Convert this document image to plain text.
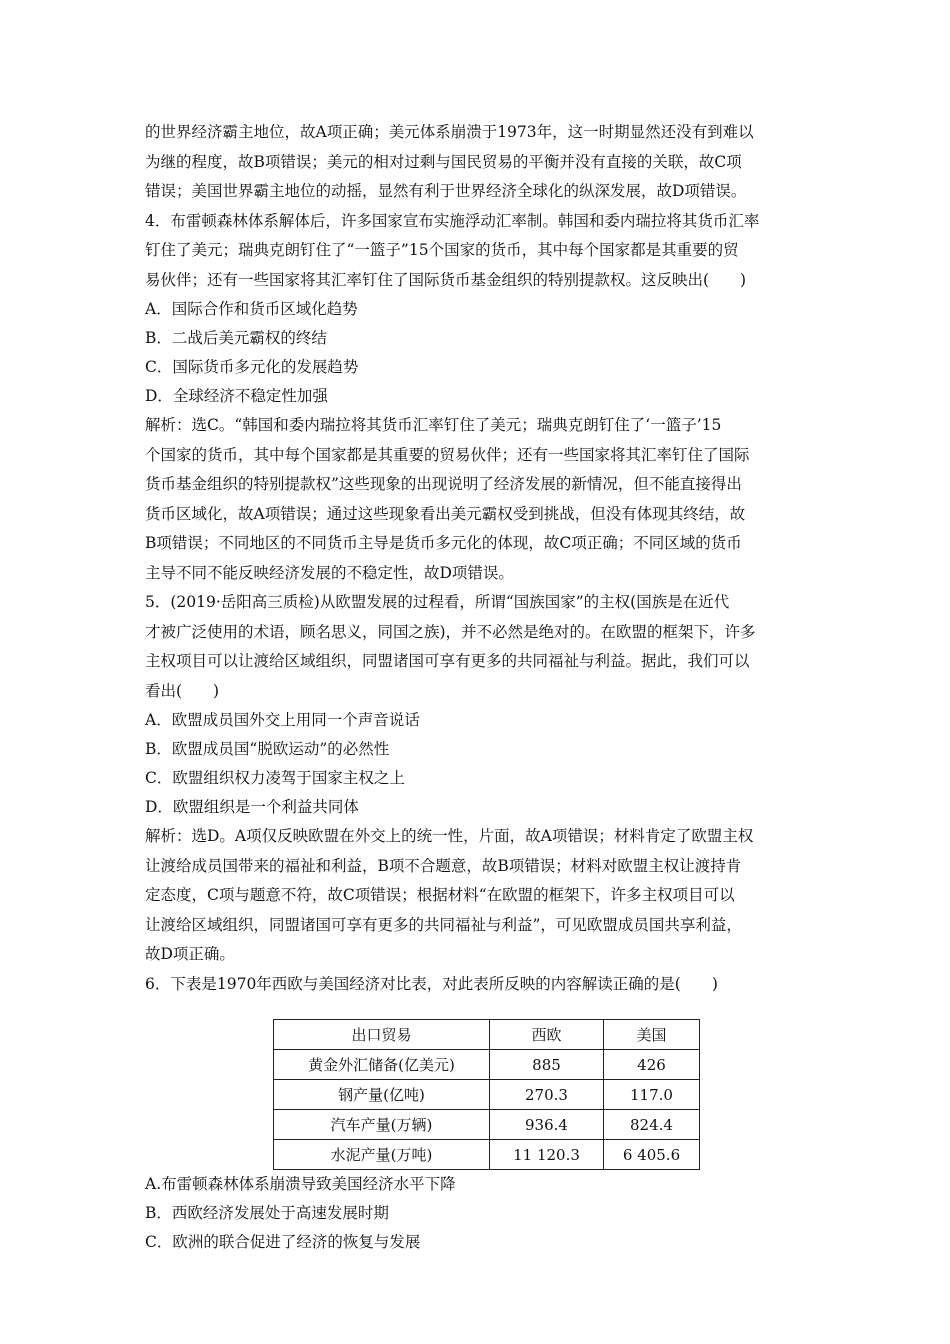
的世界经济霸主地位，故A项正确；美元体系崩溃于1973年，这一时期显然还没有到难以

为继的程度，故B项错误；美元的相对过剩与国民贸易的平衡并没有直接的关联，故C项

错误；美国世界霸主地位的动摇，显然有利于世界经济全球化的纵深发展，故D项错误。

4．布雷顿森林体系解体后，许多国家宣布实施浮动汇率制。韩国和委内瑞拉将其货币汇率

钉住了美元；瑞典克朗钉住了“一篮子”15个国家的货币，其中每个国家都是其重要的贸

易伙伴；还有一些国家将其汇率钉住了国际货币基金组织的特别提款权。这反映出(　　)

A．国际合作和货币区域化趋势

B．二战后美元霸权的终结

C．国际货币多元化的发展趋势

D．全球经济不稳定性加强

解析：选C。“韩国和委内瑞拉将其货币汇率钉住了美元；瑞典克朗钉住了‘一篮子’15

个国家的货币，其中每个国家都是其重要的贸易伙伴；还有一些国家将其汇率钉住了国际

货币基金组织的特别提款权”这些现象的出现说明了经济发展的新情况，但不能直接得出

货币区域化，故A项错误；通过这些现象看出美元霸权受到挑战，但没有体现其终结，故

B项错误；不同地区的不同货币主导是货币多元化的体现，故C项正确；不同区域的货币

主导不同不能反映经济发展的不稳定性，故D项错误。

5．(2019·岳阳高三质检)从欧盟发展的过程看，所谓“国族国家”的主权(国族是在近代

才被广泛使用的术语，顾名思义，同国之族)，并不必然是绝对的。在欧盟的框架下，许多

主权项目可以让渡给区域组织，同盟诸国可享有更多的共同福祉与利益。据此，我们可以

看出(　　)

A．欧盟成员国外交上用同一个声音说话

B．欧盟成员国“脱欧运动”的必然性

C．欧盟组织权力凌驾于国家主权之上

D．欧盟组织是一个利益共同体

解析：选D。A项仅反映欧盟在外交上的统一性，片面，故A项错误；材料肯定了欧盟主权

让渡给成员国带来的福祉和利益，B项不合题意，故B项错误；材料对欧盟主权让渡持肯

定态度，C项与题意不符，故C项错误；根据材料“在欧盟的框架下，许多主权项目可以

让渡给区域组织，同盟诸国可享有更多的共同福祉与利益”，可见欧盟成员国共享利益，

故D项正确。

6．下表是1970年西欧与美国经济对比表，对此表所反映的内容解读正确的是(　　)

出口贸易	西欧	美国
黄金外汇储备(亿美元)	885	426
钢产量(亿吨)	270.3	117.0
汽车产量(万辆)	936.4	824.4
水泥产量(万吨)	11 120.3	6 405.6

A.布雷顿森林体系崩溃导致美国经济水平下降

B．西欧经济发展处于高速发展时期

C．欧洲的联合促进了经济的恢复与发展
